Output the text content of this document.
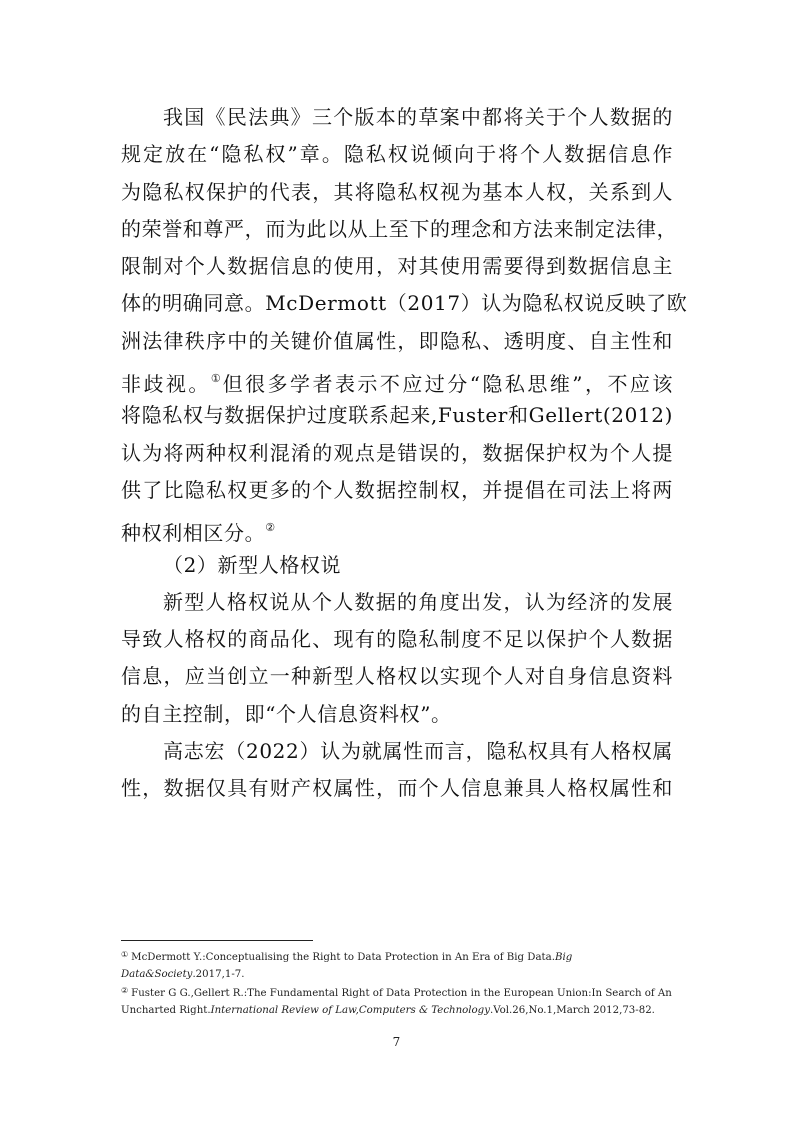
我国《民法典》三个版本的草案中都将关于个人数据的
规定放在“隐私权”章。隐私权说倾向于将个人数据信息作
为隐私权保护的代表，其将隐私权视为基本人权，关系到人
的荣誉和尊严，而为此以从上至下的理念和方法来制定法律，
限制对个人数据信息的使用，对其使用需要得到数据信息主
体的明确同意。McDermott（2017）认为隐私权说反映了欧
洲法律秩序中的关键价值属性，即隐私、透明度、自主性和
非歧视。①但很多学者表示不应过分“隐私思维”，不应该
将隐私权与数据保护过度联系起来,Fuster和Gellert(2012)
认为将两种权利混淆的观点是错误的，数据保护权为个人提
供了比隐私权更多的个人数据控制权，并提倡在司法上将两
种权利相区分。②
（2）新型人格权说
新型人格权说从个人数据的角度出发，认为经济的发展
导致人格权的商品化、现有的隐私制度不足以保护个人数据
信息，应当创立一种新型人格权以实现个人对自身信息资料
的自主控制，即“个人信息资料权”。
高志宏（2022）认为就属性而言，隐私权具有人格权属
性，数据仅具有财产权属性，而个人信息兼具人格权属性和

① McDermott Y.:Conceptualising the Right to Data Protection in An Era of Big Data.Big Data&Society.2017,1-7.

② Fuster G G.,Gellert R.:The Fundamental Right of Data Protection in the European Union:In Search of An Uncharted Right.International Review of Law,Computers & Technology.Vol.26,No.1,March 2012,73-82.

7
